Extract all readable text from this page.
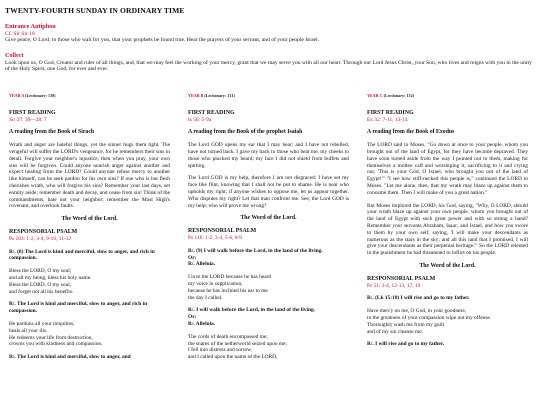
TWENTY-FOURTH SUNDAY IN ORDINARY TIME
Entrance Antiphon
Cf. Sir Sir 18
Give peace, O Lord, to those who wait for you, that your prophets be found true. Hear the prayers of your servant, and of your people Israel.
Collect
Look upon us, O God, Creator and ruler of all things, and, that we may feel the working of your mercy, grant that we may serve you with all our heart. Through our Lord Jesus Christ, your Son, who lives and reigns with you in the unity of the Holy Spirit, one God, for ever and ever.
YEAR A (Lectionary: 130)
FIRST READING
Sir 27: 30—28: 7
A reading from the Book of Sirach
Wrath and anger are hateful things, yet the sinner hugs them tight. The vengeful will suffer the LORD's vengeance, for he remembers their sins in detail. Forgive your neighbor's injustice; then when you pray, your own sins will be forgiven. Could anyone nourish anger against another and expect healing from the LORD? Could anyone refuse mercy to another like himself, can he seek pardon for his own sins? If one who is but flesh cherishes wrath, who will forgive his sins? Remember your last days, set enmity aside; remember death and decay, and cease from sin! Think of the commandments, hate not your neighbor; remember the Most High's covenant, and overlook faults.
The Word of the Lord.
RESPONSORIAL PSALM
Ps 103: 1-2, 3-4, 9-10, 11-12
R/. (8) The Lord is kind and merciful, slow to anger, and rich in compassion.
Bless the LORD, O my soul;
and all my being, bless his holy name.
Bless the LORD, O my soul,
and forget not all his benefits.
R/. The Lord is kind and merciful, slow to anger, and rich in compassion.
He pardons all your iniquities,
heals all your ills.
He redeems your life from destruction,
crowns you with kindness and compassion.
R/. The Lord is kind and merciful, slow to anger, and
YEAR B (Lectionary: 131)
FIRST READING
Is 50: 5-9a
A reading from the Book of the prophet Isaiah
The Lord GOD opens my ear that I may hear; and I have not rebelled, have not turned back. I gave my back to those who beat me, my cheeks to those who plucked my beard; my face I did not shield from buffets and spitting.
The Lord GOD is my help, therefore I am not disgraced; I have set my face like flint, knowing that I shall not be put to shame. He is near who upholds my right; if anyone wishes to oppose me, let us appear together. Who disputes my right? Let that man confront me. See, the Lord GOD is my help; who will prove me wrong?
The Word of the Lord.
RESPONSORIAL PSALM
Ps 116: 1-2, 3-4, 5-6, 8-9
R/. (9) I will walk before the Lord, in the land of the living.
Or:
R/. Alleluia.
I love the LORD because he has heard
my voice in supplication,
because he has inclined his ear to me
the day I called.
R/. I will walk before the Lord, in the land of the living.
Or:
R/. Alleluia.
The cords of death encompassed me;
the snares of the netherworld seized upon me;
I fell into distress and sorrow,
and I called upon the name of the LORD,
YEAR C (Lectionary: 132)
FIRST READING
Ex 32: 7-11, 13-14
A reading from the Book of Exodus
The LORD said to Moses, "Go down at once to your people, whom you brought out of the land of Egypt, for they have become depraved. They have soon turned aside from the way I pointed out to them, making for themselves a molten calf and worshiping it, sacrificing to it and crying out, 'This is your God, O Israel, who brought you out of the land of Egypt!'" "I see how stiff-necked this people is," continued the LORD to Moses. "Let me alone, then, that my wrath may blaze up against them to consume them. Then I will make of you a great nation."
But Moses implored the LORD, his God, saying, "Why, O LORD, should your wrath blaze up against your own people, whom you brought out of the land of Egypt with such great power and with so strong a hand? Remember your servants Abraham, Isaac, and Israel, and how you swore to them by your own self, saying, 'I will make your descendants as numerous as the stars in the sky; and all this land that I promised, I will give your descendants as their perpetual heritage.'" So the LORD relented in the punishment he had threatened to inflict on his people.
The Word of the Lord.
RESPONSORIAL PSALM
Ps 51: 3-4, 12-13, 17, 19
R/. (Lk 15:18) I will rise and go to my father.
Have mercy on me, O God, in your goodness;
in the greatness of your compassion wipe out my offense.
Thoroughly wash me from my guilt
and of my sin cleanse me.
R/. I will rise and go to my father.
